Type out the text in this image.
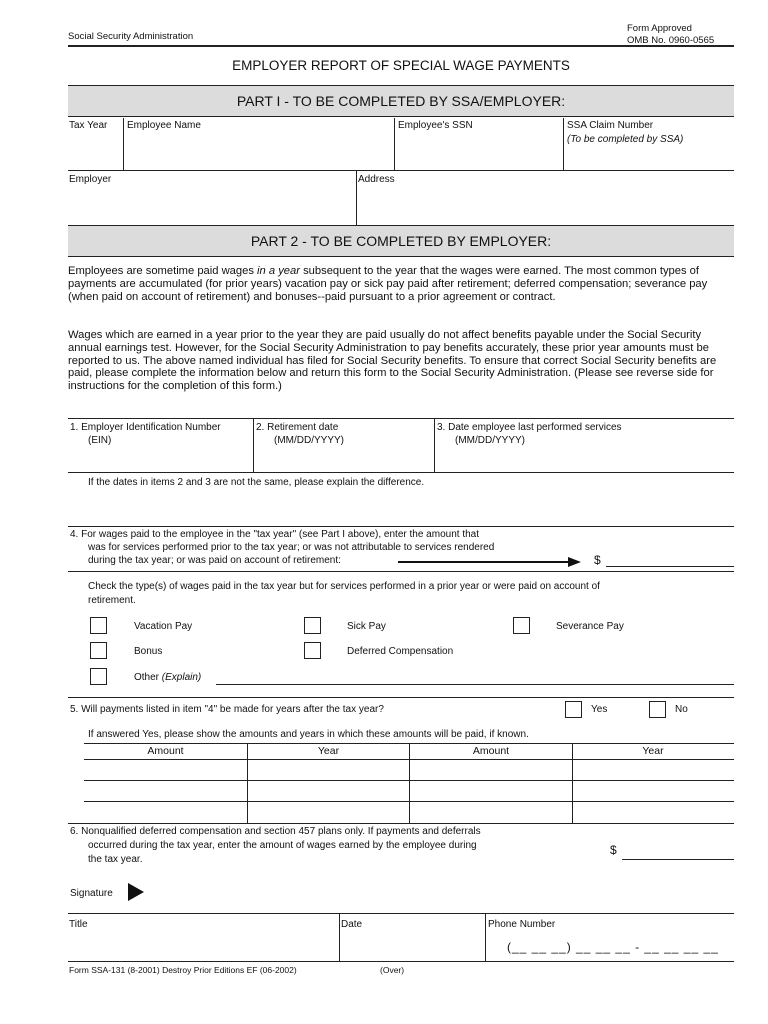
Social Security Administration
Form Approved
OMB No. 0960-0565
EMPLOYER REPORT OF SPECIAL WAGE PAYMENTS
PART I - TO BE COMPLETED BY SSA/EMPLOYER:
Tax Year Employee Name	Employee's SSN	SSA Claim Number
(To be completed by SSA)
Employer	Address
PART 2 - TO BE COMPLETED BY EMPLOYER:

Employees are sometime paid wages in a year subsequent to the year that the wages were earned. The most common types of payments are accumulated (for prior years) vacation pay or sick pay paid after retirement; deferred compensation; severance pay (when paid on account of retirement) and bonuses--paid pursuant to a prior agreement or contract.

Wages which are earned in a year prior to the year they are paid usually do not affect benefits payable under the Social Security annual earnings test. However, for the Social Security Administration to pay benefits accurately, these prior year amounts must be reported to us. The above named individual has filed for Social Security benefits. To ensure that correct Social Security benefits are paid, please complete the information below and return this form to the Social Security Administration. (Please see reverse side for instructions for the completion of this form.)

1. Employer Identification Number
(EIN)
2. Retirement date
(MM/DD/YYYY)
3. Date employee last performed services
(MM/DD/YYYY)
If the dates in items 2 and 3 are not the same, please explain the difference.
4. For wages paid to the employee in the "tax year" (see Part I above), enter the amount that
was for services performed prior to the tax year; or was not attributable to services rendered
during the tax year; or was paid on account of retirement:	$
Check the type(s) of wages paid in the tax year but for services performed in a prior year or were paid on account of
retirement.
Vacation Pay	Sick Pay	Severance Pay
Bonus	Deferred Compensation
Other (Explain)
5. Will payments listed in item "4" be made for years after the tax year?	Yes	No
If answered Yes, please show the amounts and years in which these amounts will be paid, if known.
Amount	Year	Amount	Year
6. Nonqualified deferred compensation and section 457 plans only. If payments and deferrals
occurred during the tax year, enter the amount of wages earned by the employee during
the tax year.
$
Signature
Title	Date	Phone Number
(__ __ __) __ __ __ - __ __ __ __
Form SSA-131 (8-2001) Destroy Prior Editions EF (06-2002)	(Over)
